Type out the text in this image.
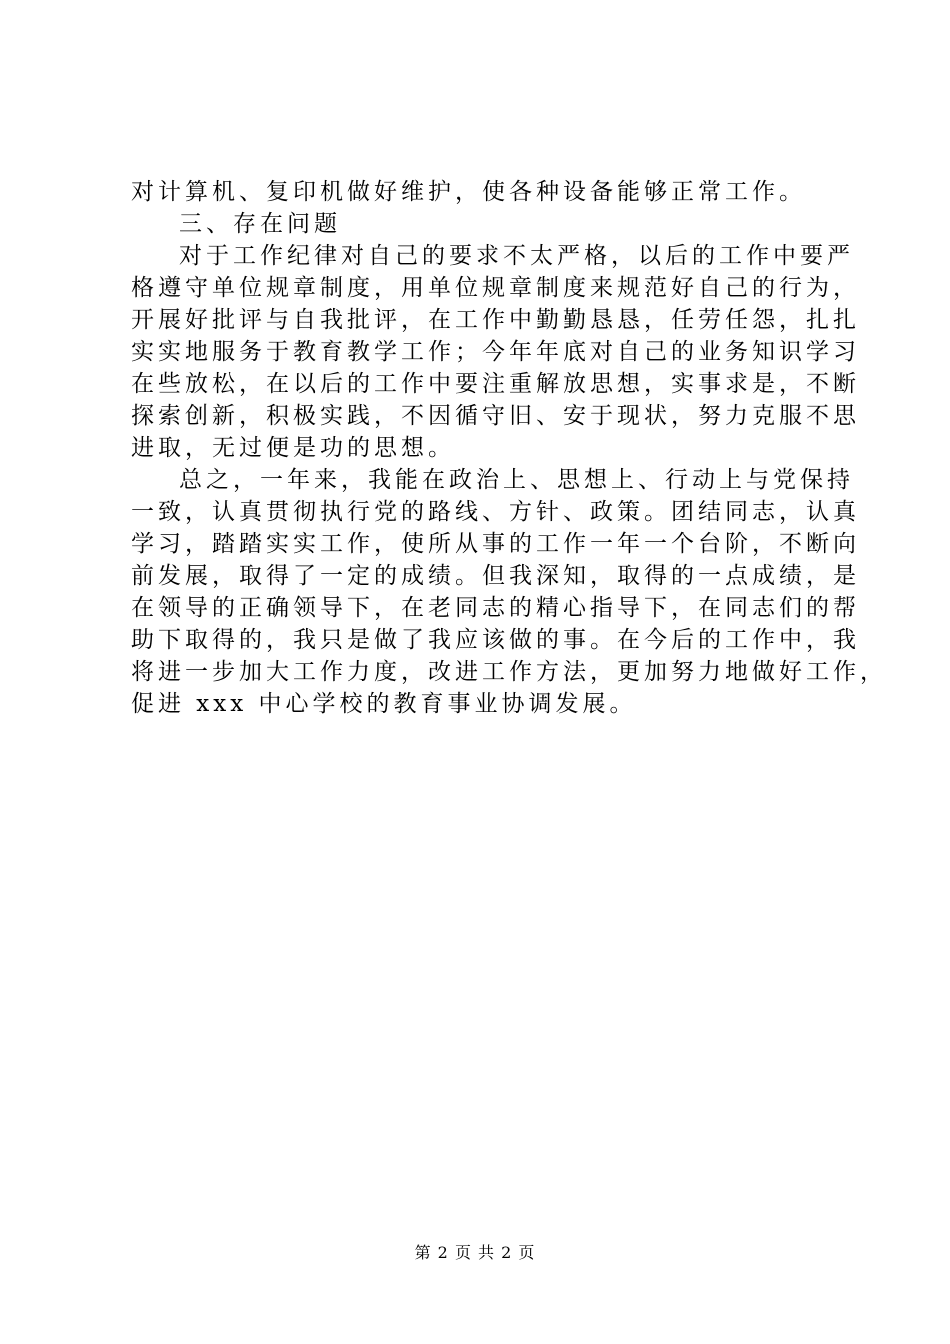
对计算机、复印机做好维护，使各种设备能够正常工作。
三、存在问题
对于工作纪律对自己的要求不太严格，以后的工作中要严
格遵守单位规章制度，用单位规章制度来规范好自己的行为，
开展好批评与自我批评，在工作中勤勤恳恳，任劳任怨，扎扎
实实地服务于教育教学工作；今年年底对自己的业务知识学习
在些放松，在以后的工作中要注重解放思想，实事求是，不断
探索创新，积极实践，不因循守旧、安于现状，努力克服不思
进取，无过便是功的思想。
总之，一年来，我能在政治上、思想上、行动上与党保持
一致，认真贯彻执行党的路线、方针、政策。团结同志，认真
学习，踏踏实实工作，使所从事的工作一年一个台阶，不断向
前发展，取得了一定的成绩。但我深知，取得的一点成绩，是
在领导的正确领导下，在老同志的精心指导下，在同志们的帮
助下取得的，我只是做了我应该做的事。在今后的工作中，我
将进一步加大工作力度，改进工作方法，更加努力地做好工作，
促进 xxx 中心学校的教育事业协调发展。
第 2 页 共 2 页
